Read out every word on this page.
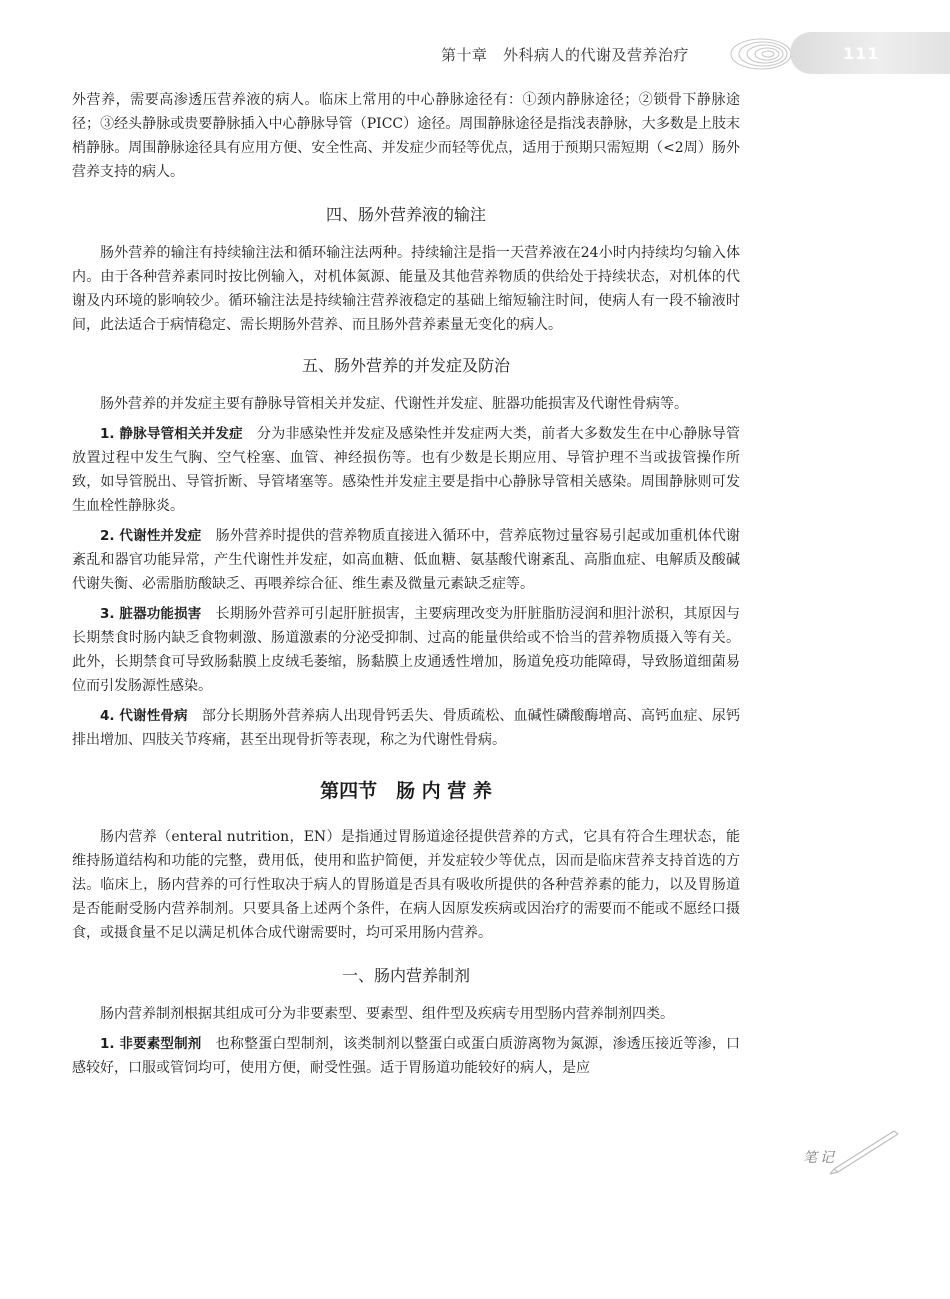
第十章　外科病人的代谢及营养治疗	111

外营养，需要高渗透压营养液的病人。临床上常用的中心静脉途径有：①颈内静脉途径；②锁骨下静脉途径；③经头静脉或贵要静脉插入中心静脉导管（PICC）途径。周围静脉途径是指浅表静脉，大多数是上肢末梢静脉。周围静脉途径具有应用方便、安全性高、并发症少而轻等优点，适用于预期只需短期（<2周）肠外营养支持的病人。

四、肠外营养液的输注

肠外营养的输注有持续输注法和循环输注法两种。持续输注是指一天营养液在24小时内持续均匀输入体内。由于各种营养素同时按比例输入，对机体氮源、能量及其他营养物质的供给处于持续状态，对机体的代谢及内环境的影响较少。循环输注法是持续输注营养液稳定的基础上缩短输注时间，使病人有一段不输液时间，此法适合于病情稳定、需长期肠外营养、而且肠外营养素量无变化的病人。

五、肠外营养的并发症及防治

肠外营养的并发症主要有静脉导管相关并发症、代谢性并发症、脏器功能损害及代谢性骨病等。

1. 静脉导管相关并发症　 分为非感染性并发症及感染性并发症两大类，前者大多数发生在中心静脉导管放置过程中发生气胸、空气栓塞、血管、神经损伤等。也有少数是长期应用、导管护理不当或拔管操作所致，如导管脱出、导管折断、导管堵塞等。感染性并发症主要是指中心静脉导管相关感染。周围静脉则可发生血栓性静脉炎。

2. 代谢性并发症　 肠外营养时提供的营养物质直接进入循环中，营养底物过量容易引起或加重机体代谢紊乱和器官功能异常，产生代谢性并发症，如高血糖、低血糖、氨基酸代谢紊乱、高脂血症、电解质及酸碱代谢失衡、必需脂肪酸缺乏、再喂养综合征、维生素及微量元素缺乏症等。

3. 脏器功能损害　 长期肠外营养可引起肝脏损害，主要病理改变为肝脏脂肪浸润和胆汁淤积，其原因与长期禁食时肠内缺乏食物刺激、肠道激素的分泌受抑制、过高的能量供给或不恰当的营养物质摄入等有关。此外，长期禁食可导致肠黏膜上皮绒毛萎缩，肠黏膜上皮通透性增加，肠道免疫功能障碍，导致肠道细菌易位而引发肠源性感染。

4. 代谢性骨病　 部分长期肠外营养病人出现骨钙丢失、骨质疏松、血碱性磷酸酶增高、高钙血症、尿钙排出增加、四肢关节疼痛，甚至出现骨折等表现，称之为代谢性骨病。

第四节　肠 内 营 养

肠内营养（enteral nutrition，EN）是指通过胃肠道途径提供营养的方式，它具有符合生理状态，能维持肠道结构和功能的完整，费用低，使用和监护简便，并发症较少等优点，因而是临床营养支持首选的方法。临床上，肠内营养的可行性取决于病人的胃肠道是否具有吸收所提供的各种营养素的能力，以及胃肠道是否能耐受肠内营养制剂。只要具备上述两个条件，在病人因原发疾病或因治疗的需要而不能或不愿经口摄食，或摄食量不足以满足机体合成代谢需要时，均可采用肠内营养。

一、肠内营养制剂

肠内营养制剂根据其组成可分为非要素型、要素型、组件型及疾病专用型肠内营养制剂四类。

1. 非要素型制剂　 也称整蛋白型制剂，该类制剂以整蛋白或蛋白质游离物为氮源，渗透压接近等渗，口感较好，口服或管饲均可，使用方便，耐受性强。适于胃肠道功能较好的病人，是应

笔记
